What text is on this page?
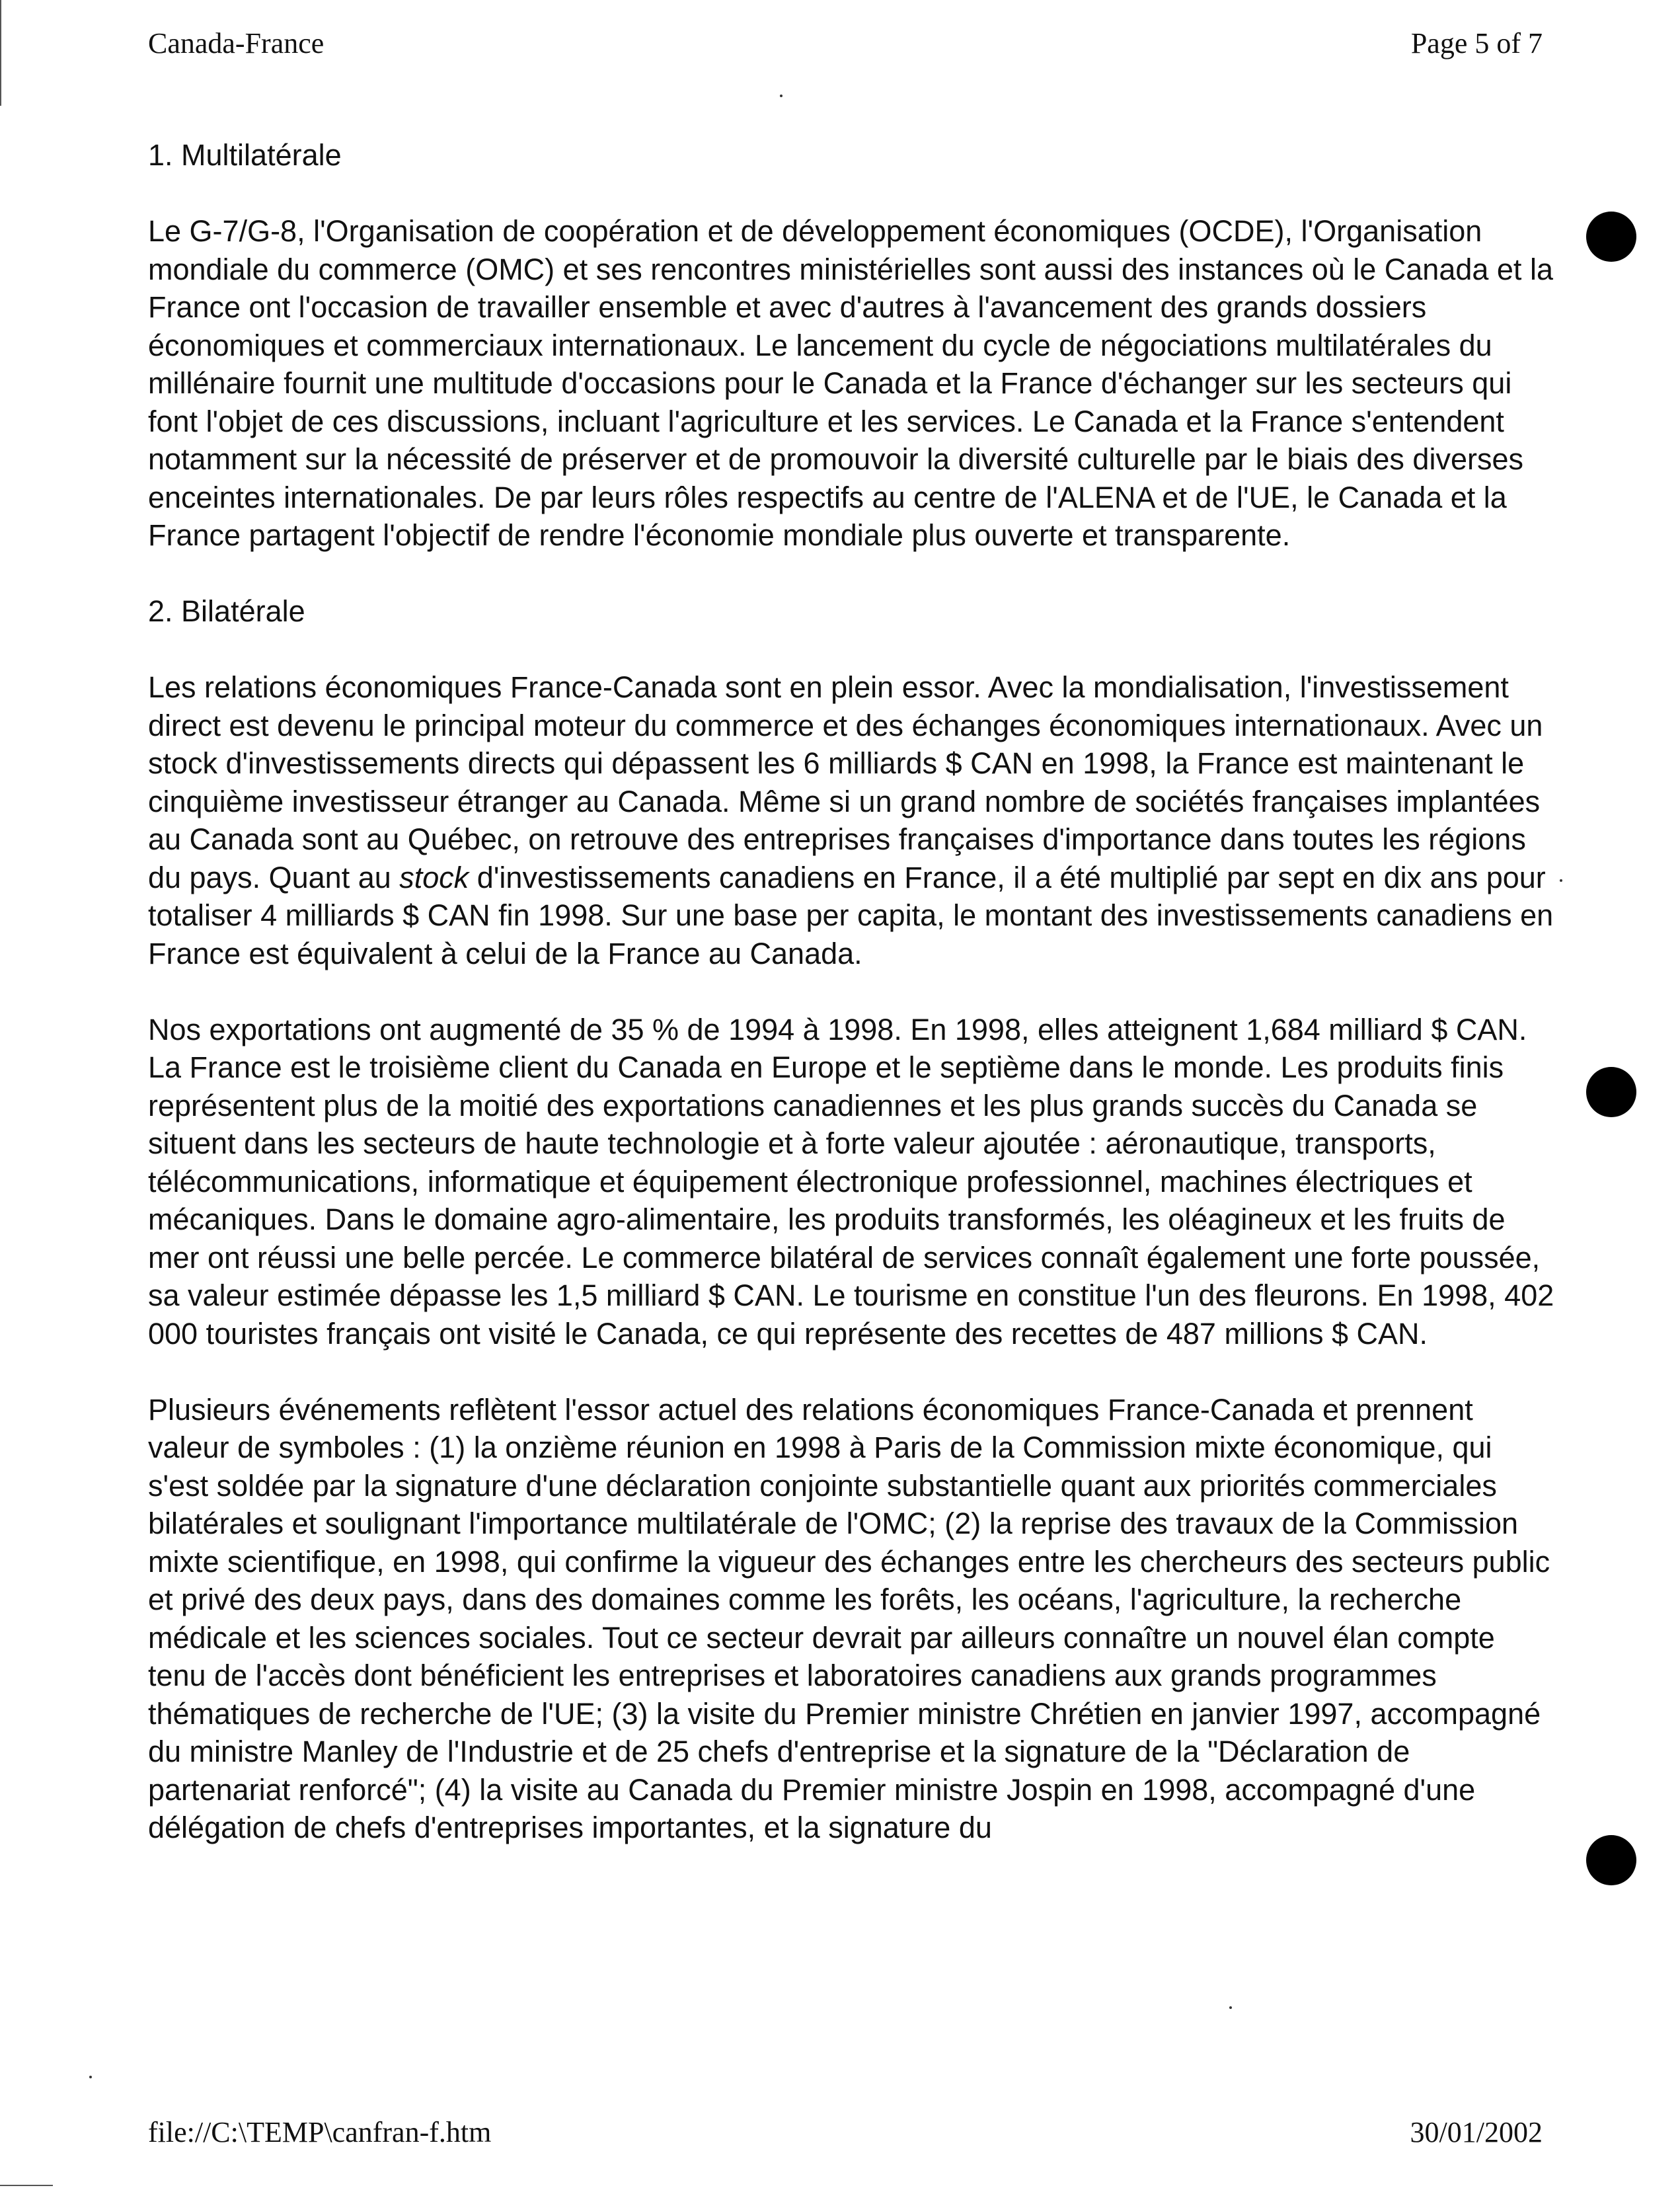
Canada-France	Page 5 of 7

1. Multilatérale

Le G-7/G-8, l'Organisation de coopération et de développement économiques (OCDE), l'Organisation mondiale du commerce (OMC) et ses rencontres ministérielles sont aussi des instances où le Canada et la France ont l'occasion de travailler ensemble et avec d'autres à l'avancement des grands dossiers économiques et commerciaux internationaux. Le lancement du cycle de négociations multilatérales du millénaire fournit une multitude d'occasions pour le Canada et la France d'échanger sur les secteurs qui font l'objet de ces discussions, incluant l'agriculture et les services. Le Canada et la France s'entendent notamment sur la nécessité de préserver et de promouvoir la diversité culturelle par le biais des diverses enceintes internationales. De par leurs rôles respectifs au centre de l'ALENA et de l'UE, le Canada et la France partagent l'objectif de rendre l'économie mondiale plus ouverte et transparente.

2. Bilatérale

Les relations économiques France-Canada sont en plein essor. Avec la mondialisation, l'investissement direct est devenu le principal moteur du commerce et des échanges économiques internationaux. Avec un stock d'investissements directs qui dépassent les 6 milliards $ CAN en 1998, la France est maintenant le cinquième investisseur étranger au Canada. Même si un grand nombre de sociétés françaises implantées au Canada sont au Québec, on retrouve des entreprises françaises d'importance dans toutes les régions du pays. Quant au stock d'investissements canadiens en France, il a été multiplié par sept en dix ans pour totaliser 4 milliards $ CAN fin 1998. Sur une base per capita, le montant des investissements canadiens en France est équivalent à celui de la France au Canada.

Nos exportations ont augmenté de 35 % de 1994 à 1998. En 1998, elles atteignent 1,684 milliard $ CAN. La France est le troisième client du Canada en Europe et le septième dans le monde. Les produits finis représentent plus de la moitié des exportations canadiennes et les plus grands succès du Canada se situent dans les secteurs de haute technologie et à forte valeur ajoutée : aéronautique, transports, télécommunications, informatique et équipement électronique professionnel, machines électriques et mécaniques. Dans le domaine agro-alimentaire, les produits transformés, les oléagineux et les fruits de mer ont réussi une belle percée. Le commerce bilatéral de services connaît également une forte poussée, sa valeur estimée dépasse les 1,5 milliard $ CAN. Le tourisme en constitue l'un des fleurons. En 1998, 402 000 touristes français ont visité le Canada, ce qui représente des recettes de 487 millions $ CAN.

Plusieurs événements reflètent l'essor actuel des relations économiques France-Canada et prennent valeur de symboles : (1) la onzième réunion en 1998 à Paris de la Commission mixte économique, qui s'est soldée par la signature d'une déclaration conjointe substantielle quant aux priorités commerciales bilatérales et soulignant l'importance multilatérale de l'OMC; (2) la reprise des travaux de la Commission mixte scientifique, en 1998, qui confirme la vigueur des échanges entre les chercheurs des secteurs public et privé des deux pays, dans des domaines comme les forêts, les océans, l'agriculture, la recherche médicale et les sciences sociales. Tout ce secteur devrait par ailleurs connaître un nouvel élan compte tenu de l'accès dont bénéficient les entreprises et laboratoires canadiens aux grands programmes thématiques de recherche de l'UE; (3) la visite du Premier ministre Chrétien en janvier 1997, accompagné du ministre Manley de l'Industrie et de 25 chefs d'entreprise et la signature de la "Déclaration de partenariat renforcé"; (4) la visite au Canada du Premier ministre Jospin en 1998, accompagné d'une délégation de chefs d'entreprises importantes, et la signature du

file://C:\TEMP\canfran-f.htm	30/01/2002
